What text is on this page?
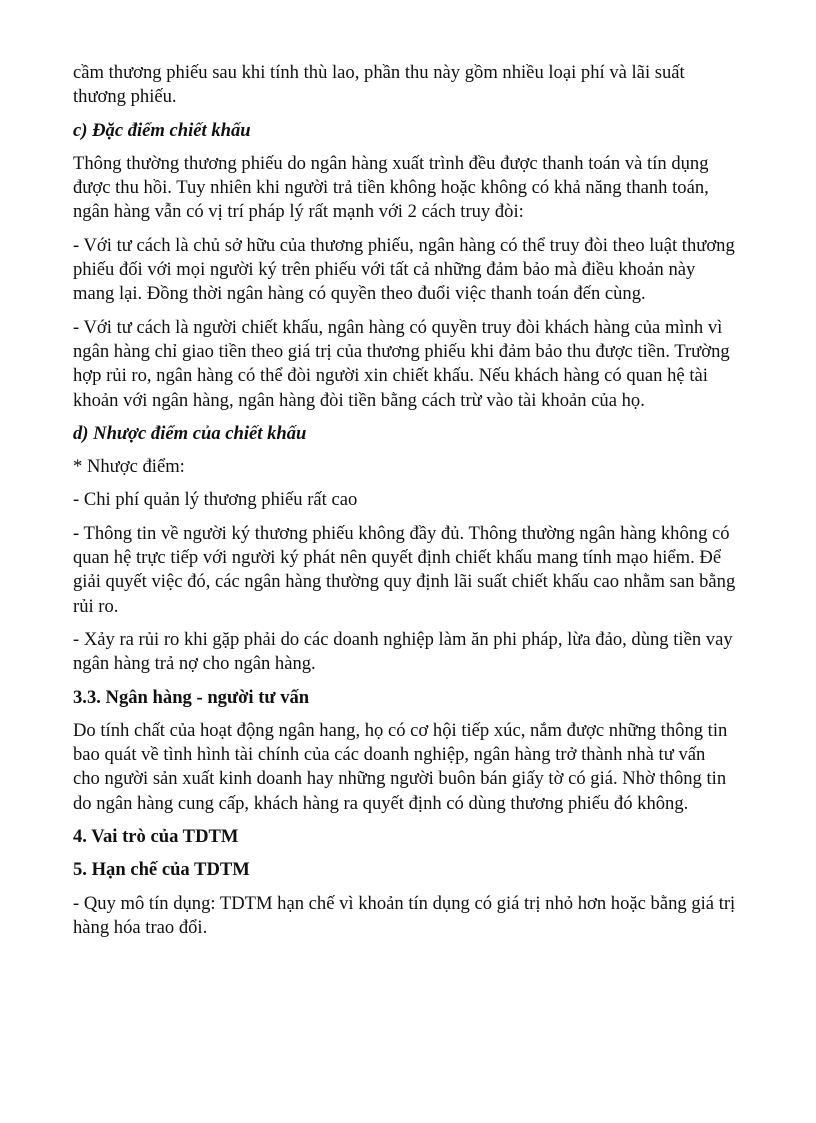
cầm thương phiếu sau khi tính thù lao, phần thu này gồm nhiều loại phí và lãi suất thương phiếu.

c) Đặc điểm chiết khấu

Thông thường thương phiếu do ngân hàng xuất trình đều được thanh toán và tín dụng được thu hồi. Tuy nhiên khi người trả tiền không hoặc không có khả năng thanh toán, ngân hàng vẫn có vị trí pháp lý rất mạnh với 2 cách truy đòi:

- Với tư cách là chủ sở hữu của thương phiếu, ngân hàng có thể truy đòi theo luật thương phiếu đối với mọi người ký trên phiếu với tất cả những đảm bảo mà điều khoản này mang lại. Đồng thời ngân hàng có quyền theo đuổi việc thanh toán đến cùng.

- Với tư cách là người chiết khấu, ngân hàng có quyền truy đòi khách hàng của mình vì ngân hàng chỉ giao tiền theo giá trị của thương phiếu khi đảm bảo thu được tiền. Trường hợp rủi ro, ngân hàng có thể đòi người xin chiết khấu. Nếu khách hàng có quan hệ tài khoản với ngân hàng, ngân hàng đòi tiền bằng cách trừ vào tài khoản của họ.

d) Nhược điểm của chiết khấu

* Nhược điểm:

- Chi phí quản lý thương phiếu rất cao

- Thông tin về người ký thương phiếu không đầy đủ. Thông thường ngân hàng không có quan hệ trực tiếp với người ký phát nên quyết định chiết khấu mang tính mạo hiểm. Để giải quyết việc đó, các ngân hàng thường quy định lãi suất chiết khấu cao nhằm san bằng rủi ro.

- Xảy ra rủi ro khi gặp phải do các doanh nghiệp làm ăn phi pháp, lừa đảo, dùng tiền vay ngân hàng trả nợ cho ngân hàng.

3.3. Ngân hàng - người tư vấn

Do tính chất của hoạt động ngân hang, họ có cơ hội tiếp xúc, nắm được những thông tin bao quát về tình hình tài chính của các doanh nghiệp, ngân hàng trở thành nhà tư vấn cho người sản xuất kinh doanh hay những người buôn bán giấy tờ có giá. Nhờ thông tin do ngân hàng cung cấp, khách hàng ra quyết định có dùng thương phiếu đó không.

4. Vai trò của TDTM

5. Hạn chế của TDTM

- Quy mô tín dụng: TDTM hạn chế vì khoản tín dụng có giá trị nhỏ hơn hoặc bằng giá trị hàng hóa trao đổi.
